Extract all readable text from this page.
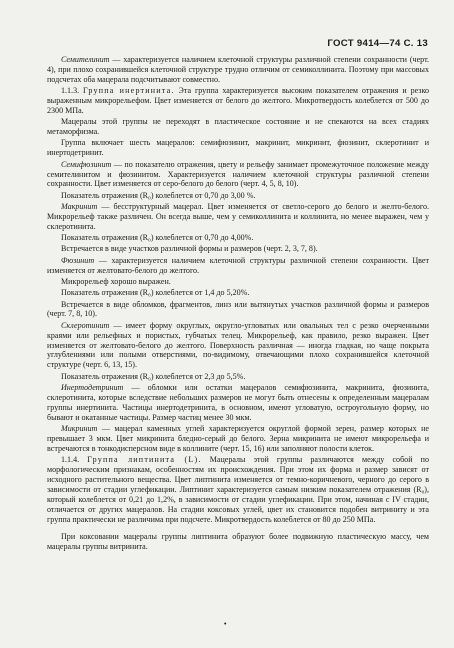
ГОСТ 9414—74 С. 13

Семителинит — характеризуется наличием клеточной структуры различной степени сохранности (черт. 4), при плохо сохранившейся клеточной структуре трудно отличим от семиколлинита. Поэтому при массовых подсчетах оба мацерала подсчитывают совместно.

1.1.3. Группа инертинита. Эта группа характеризуется высоким показателем отражения и резко выраженным микрорельефом. Цвет изменяется от белого до желтого. Микротвердость колеблется от 500 до 2300 МПа.

Мацералы этой группы не переходят в пластическое состояние и не спекаются на всех стадиях метаморфизма.

Группа включает шесть мацералов: семифюзинит, макринит, микринит, фюзинит, склеротинит и инертодетринит.

Семифюзинит — по показателю отражения, цвету и рельефу занимает промежуточное положение между семителинитом и фюзинитом. Характеризуется наличием клеточной структуры различной степени сохранности. Цвет изменяется от серо-белого до белого (черт. 4, 5, 8, 10).

Показатель отражения (R₀) колеблется от 0,70 до 3,00 %.

Макринит — бесструктурный мацерал. Цвет изменяется от светло-серого до белого и желто-белого. Микрорельеф также различен. Он всегда выше, чем у семиколлинита и коллинита, но менее выражен, чем у склеротинита.

Показатель отражения (R₀) колеблется от 0,70 до 4,00%.

Встречается в виде участков различной формы и размеров (черт. 2, 3, 7, 8).

Фюзинит — характеризуется наличием клеточной структуры различной степени сохранности. Цвет изменяется от желтовато-белого до желтого.

Микрорельеф хорошо выражен.

Показатель отражения (R₀) колеблется от 1,4 до 5,20%.

Встречается в виде обломков, фрагментов, линз или вытянутых участков различной формы и размеров (черт. 7, 8, 10).

Склеротинит — имеет форму округлых, округло-угловатых или овальных тел с резко очерченными краями или рельефных и пористых, губчатых телец. Микрорельеф, как правило, резко выражен. Цвет изменяется от желтовато-белого до желтого. Поверхность различная — иногда гладкая, но чаще покрыта углублениями или полыми отверстиями, по-видимому, отвечающими плохо сохранившейся клеточной структуре (черт. 6, 13, 15).

Показатель отражения (R₀) колеблется от 2,3 до 5,5%.

Инертодетринит — обломки или остатки мацералов семифюзинита, макринита, фюзинита, склеротинита, которые вследствие небольших размеров не могут быть отнесены к определенным мацералам группы инертинита. Частицы инертодетринита, в основном, имеют угловатую, остроугольную форму, но бывают и окатанные частицы. Размер частиц менее 30 мкм.

Микринит — мацерал каменных углей характеризуется округлой формой зерен, размер которых не превышает 3 мкм. Цвет микринита бледно-серый до белого. Зерна микринита не имеют микрорельефа и встречаются в тонкодисперсном виде в коллините (черт. 15, 16) или заполняют полости клеток.

1.1.4. Группа липтинита (L). Мацералы этой группы различаются между собой по морфологическим признакам, особенностям их происхождения. При этом их форма и размер зависят от исходного растительного вещества. Цвет липтинита изменяется от темно-коричневого, черного до серого в зависимости от стадии углефикации. Липтинит характеризуется самым низким показателем отражения (R₀), который колеблется от 0,21 до 1,2%, в зависимости от стадии углефикации. При этом, начиная с IV стадии, отличается от других мацералов. На стадии коксовых углей, цвет их становится подобен витриниту и эта группа практически не различима при подсчете. Микротвердость колеблется от 80 до 250 МПа.

При коксовании мацералы группы липтинита образуют более подвижную пластическую массу, чем мацералы группы витринита.

•
